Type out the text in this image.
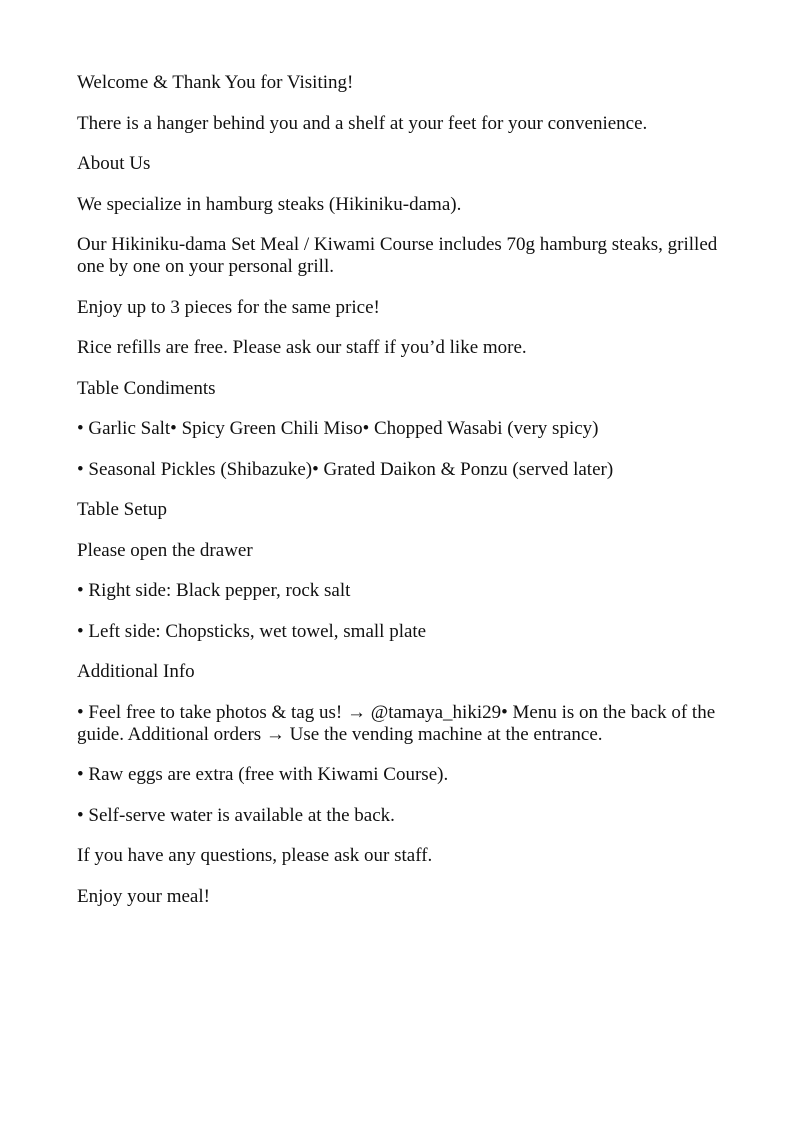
Welcome & Thank You for Visiting!

There is a hanger behind you and a shelf at your feet for your convenience.

About Us

We specialize in hamburg steaks (Hikiniku-dama).

Our Hikiniku-dama Set Meal / Kiwami Course includes 70g hamburg steaks, grilled one by one on your personal grill.

Enjoy up to 3 pieces for the same price!

Rice refills are free. Please ask our staff if you’d like more.

Table Condiments

• Garlic Salt• Spicy Green Chili Miso• Chopped Wasabi (very spicy)

• Seasonal Pickles (Shibazuke)• Grated Daikon & Ponzu (served later)

Table Setup

Please open the drawer

• Right side: Black pepper, rock salt

• Left side: Chopsticks, wet towel, small plate

Additional Info

• Feel free to take photos & tag us! → @tamaya_hiki29• Menu is on the back of the guide. Additional orders → Use the vending machine at the entrance.

• Raw eggs are extra (free with Kiwami Course).

• Self-serve water is available at the back.

If you have any questions, please ask our staff.

Enjoy your meal!
